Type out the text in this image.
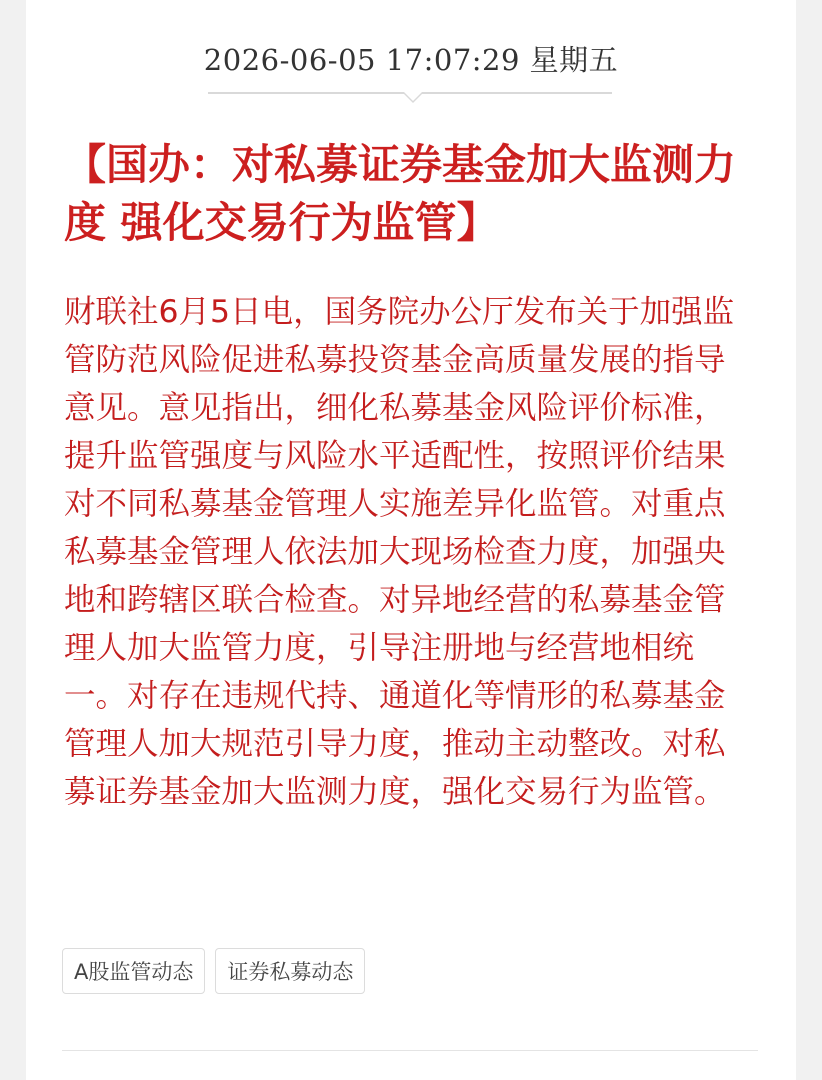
2026-06-05 17:07:29 星期五
【国办：对私募证券基金加大监测力度 强化交易行为监管】

财联社6月5日电，国务院办公厅发布关于加强监管防范风险促进私募投资基金高质量发展的指导意见。意见指出，细化私募基金风险评价标准，提升监管强度与风险水平适配性，按照评价结果对不同私募基金管理人实施差异化监管。对重点私募基金管理人依法加大现场检查力度，加强央地和跨辖区联合检查。对异地经营的私募基金管理人加大监管力度，引导注册地与经营地相统一。对存在违规代持、通道化等情形的私募基金管理人加大规范引导力度，推动主动整改。对私募证券基金加大监测力度，强化交易行为监管。

A股监管动态	证券私募动态
